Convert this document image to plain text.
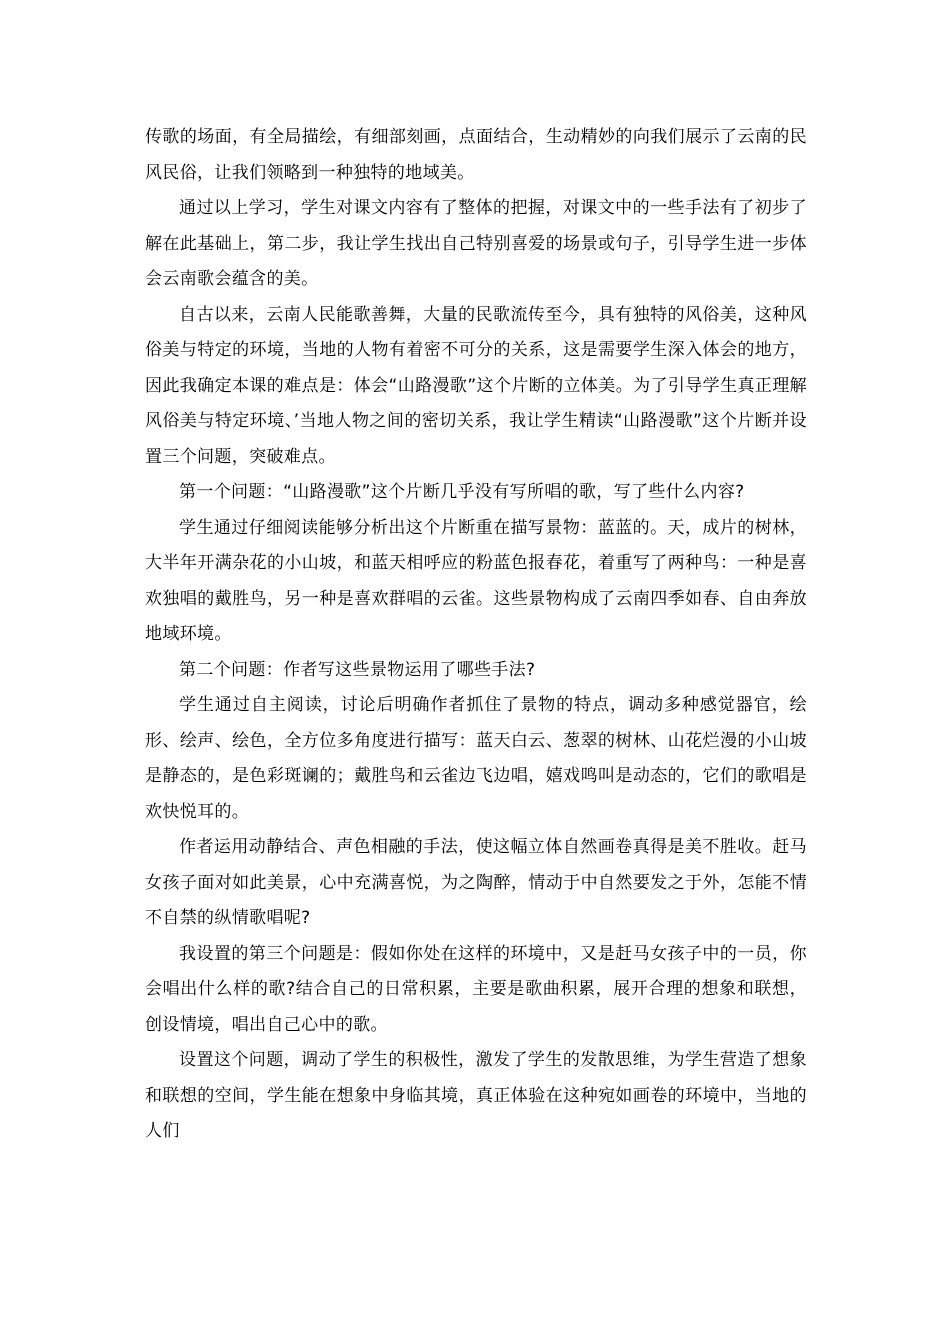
传歌的场面，有全局描绘，有细部刻画，点面结合，生动精妙的向我们展示了云南的民风民俗，让我们领略到一种独特的地域美。

通过以上学习，学生对课文内容有了整体的把握，对课文中的一些手法有了初步了解在此基础上，第二步，我让学生找出自己特别喜爱的场景或句子，引导学生进一步体会云南歌会蕴含的美。

自古以来，云南人民能歌善舞，大量的民歌流传至今，具有独特的风俗美，这种风俗美与特定的环境，当地的人物有着密不可分的关系，这是需要学生深入体会的地方，因此我确定本课的难点是：体会“山路漫歌”这个片断的立体美。为了引导学生真正理解风俗美与特定环境、’当地人物之间的密切关系，我让学生精读“山路漫歌”这个片断并设置三个问题，突破难点。

第一个问题：“山路漫歌”这个片断几乎没有写所唱的歌，写了些什么内容?

学生通过仔细阅读能够分析出这个片断重在描写景物：蓝蓝的。天，成片的树林，大半年开满杂花的小山坡，和蓝天相呼应的粉蓝色报春花，着重写了两种鸟：一种是喜欢独唱的戴胜鸟，另一种是喜欢群唱的云雀。这些景物构成了云南四季如春、自由奔放地域环境。

第二个问题：作者写这些景物运用了哪些手法?

学生通过自主阅读，讨论后明确作者抓住了景物的特点，调动多种感觉器官，绘形、绘声、绘色，全方位多角度进行描写：蓝天白云、葱翠的树林、山花烂漫的小山坡是静态的，是色彩斑谰的；戴胜鸟和云雀边飞边唱，嬉戏鸣叫是动态的，它们的歌唱是欢快悦耳的。

作者运用动静结合、声色相融的手法，使这幅立体自然画卷真得是美不胜收。赶马女孩子面对如此美景，心中充满喜悦，为之陶醉，情动于中自然要发之于外，怎能不情不自禁的纵情歌唱呢?

我设置的第三个问题是：假如你处在这样的环境中，又是赶马女孩子中的一员，你会唱出什么样的歌?结合自己的日常积累，主要是歌曲积累，展开合理的想象和联想，创设情境，唱出自己心中的歌。

设置这个问题，调动了学生的积极性，激发了学生的发散思维，为学生营造了想象和联想的空间，学生能在想象中身临其境，真正体验在这种宛如画卷的环境中，当地的人们
